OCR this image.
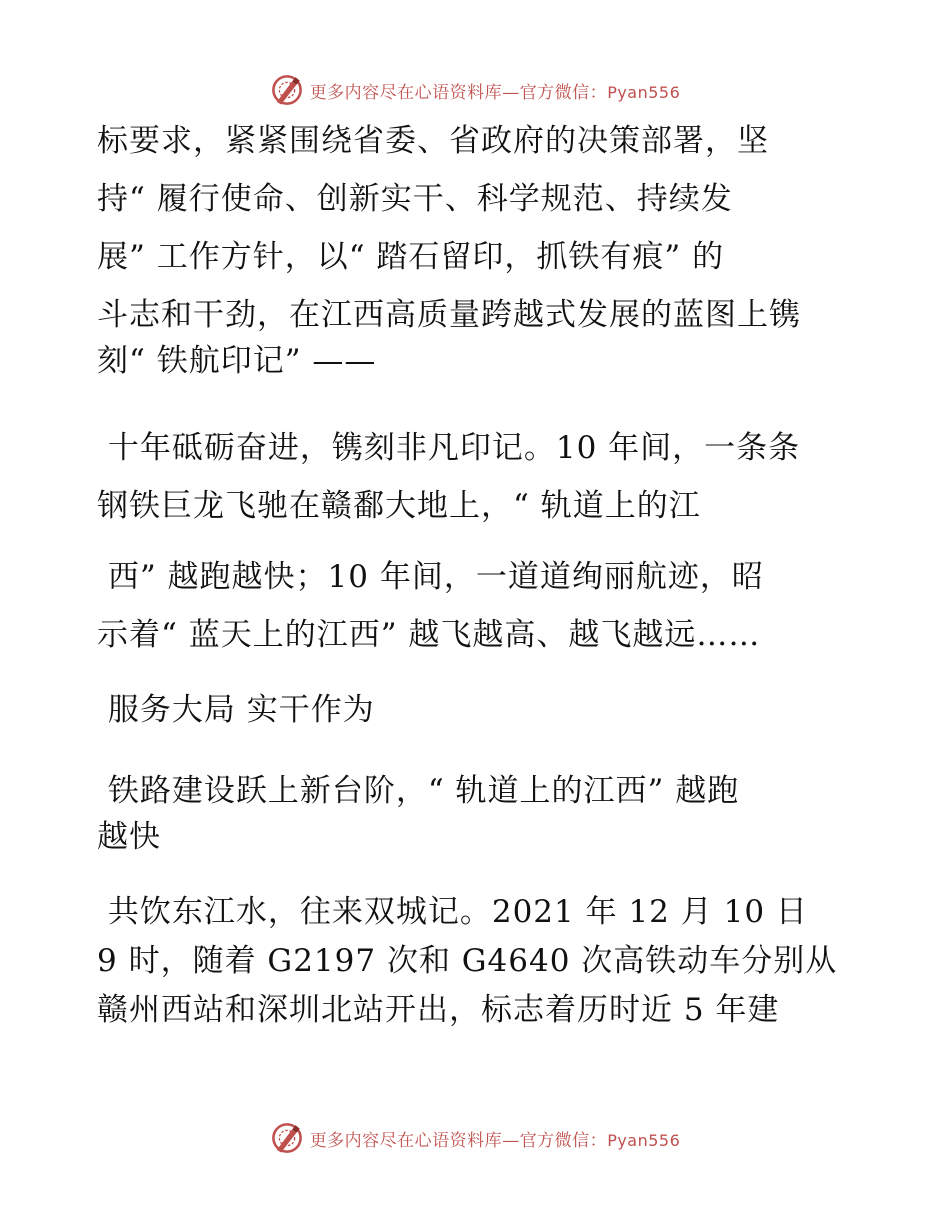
更多内容尽在心语资料库—官方微信：Pyan556
标要求，紧紧围绕省委、省政府的决策部署，坚
持“ 履行使命、创新实干、科学规范、持续发
展” 工作方针，以“ 踏石留印，抓铁有痕” 的
斗志和干劲，在江西高质量跨越式发展的蓝图上镌
刻“ 铁航印记” ——
十年砥砺奋进，镌刻非凡印记。10 年间，一条条
钢铁巨龙飞驰在赣鄱大地上，“ 轨道上的江
西” 越跑越快；10 年间，一道道绚丽航迹，昭
示着“ 蓝天上的江西” 越飞越高、越飞越远……
服务大局 实干作为
铁路建设跃上新台阶，“ 轨道上的江西” 越跑
越快
共饮东江水，往来双城记。2021 年 12 月 10 日
9 时，随着 G2197 次和 G4640 次高铁动车分别从
赣州西站和深圳北站开出，标志着历时近 5 年建
更多内容尽在心语资料库—官方微信：Pyan556
